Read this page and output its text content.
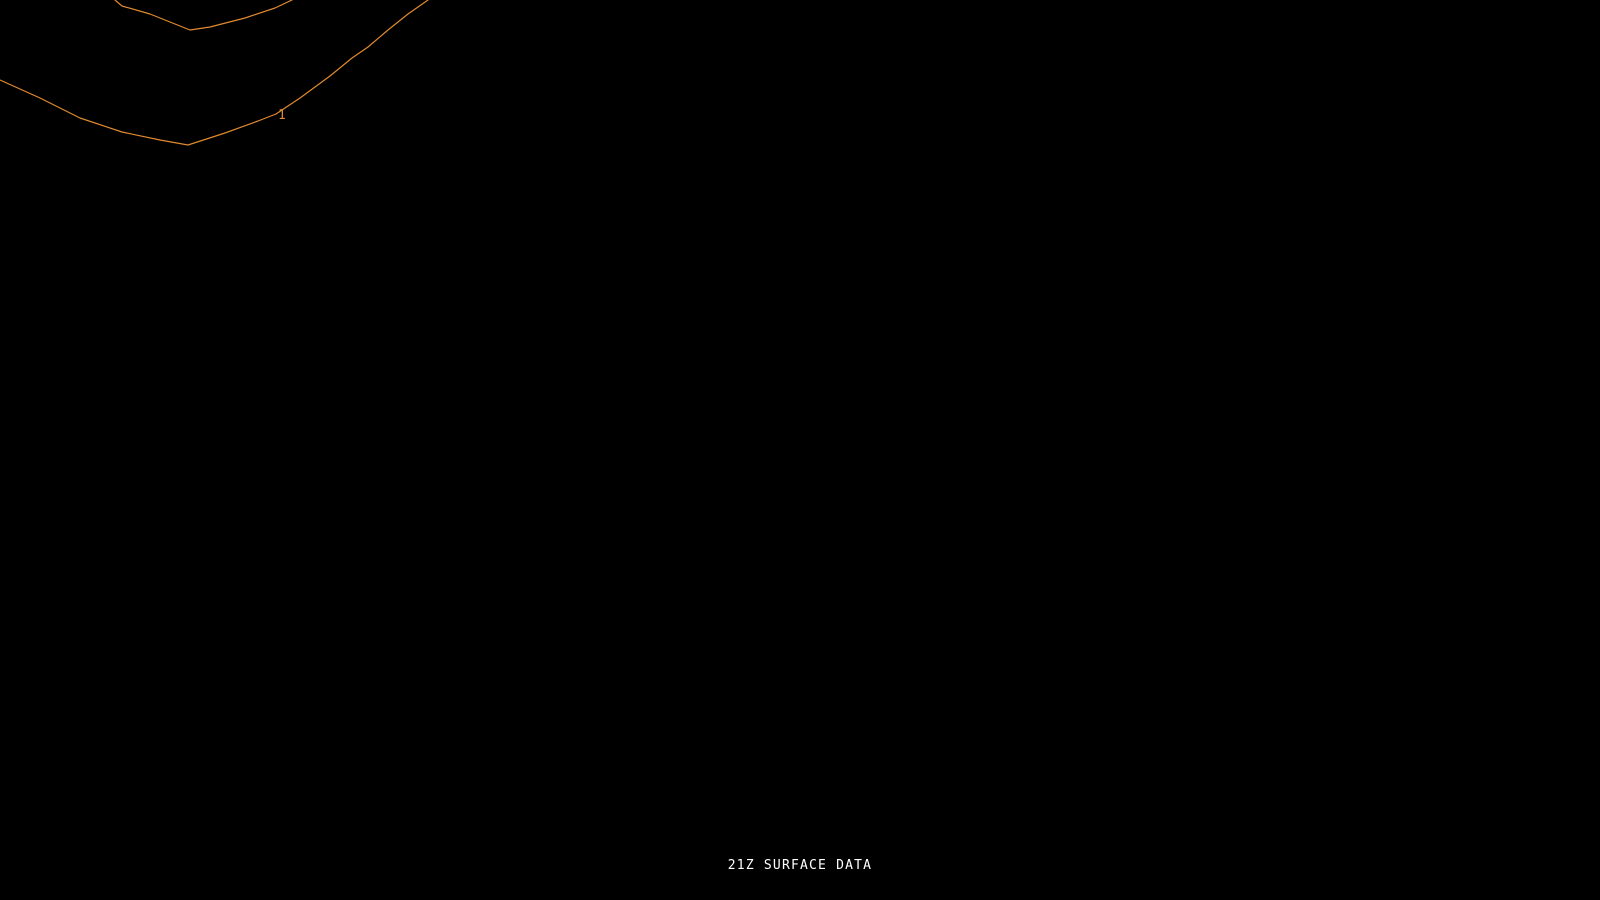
1
21Z SURFACE DATA
